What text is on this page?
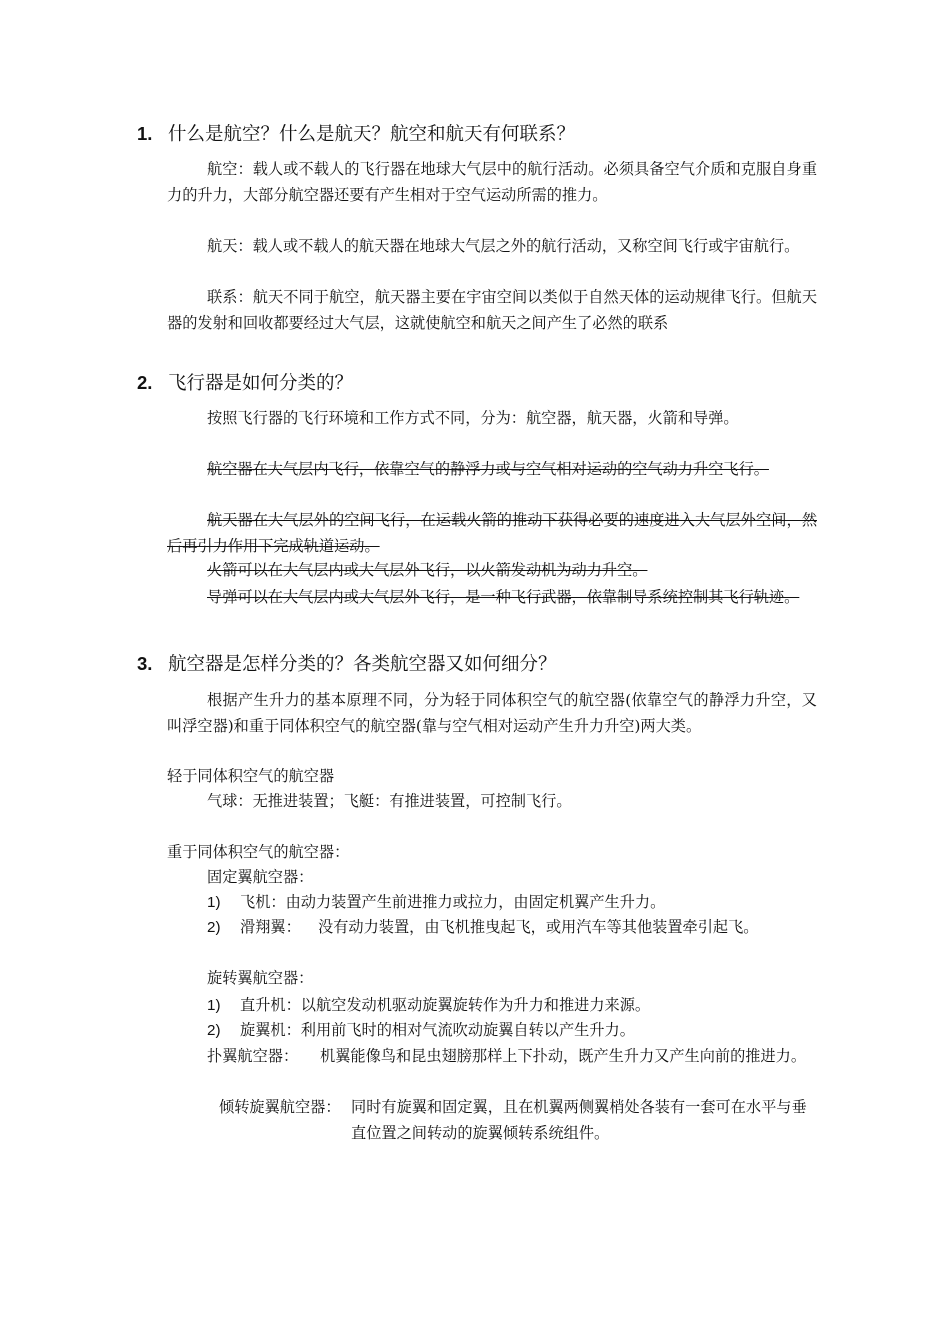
1. 什么是航空？什么是航天？航空和航天有何联系？
航空：载人或不载人的飞行器在地球大气层中的航行活动。必须具备空气介质和克服自身重力的升力，大部分航空器还要有产生相对于空气运动所需的推力。
航天：载人或不载人的航天器在地球大气层之外的航行活动，又称空间飞行或宇宙航行。
联系：航天不同于航空，航天器主要在宇宙空间以类似于自然天体的运动规律飞行。但航天器的发射和回收都要经过大气层，这就使航空和航天之间产生了必然的联系
2. 飞行器是如何分类的？
按照飞行器的飞行环境和工作方式不同，分为：航空器，航天器，火箭和导弹。
航空器在大气层内飞行，依靠空气的静浮力或与空气相对运动的空气动力升空飞行。
航天器在大气层外的空间飞行，在运载火箭的推动下获得必要的速度进入大气层外空间，然后再引力作用下完成轨道运动。
火箭可以在大气层内或大气层外飞行，以火箭发动机为动力升空。
导弹可以在大气层内或大气层外飞行，是一种飞行武器，依靠制导系统控制其飞行轨迹。
3. 航空器是怎样分类的？各类航空器又如何细分？
根据产生升力的基本原理不同，分为轻于同体积空气的航空器(依靠空气的静浮力升空，又叫浮空器)和重于同体积空气的航空器(靠与空气相对运动产生升力升空)两大类。
轻于同体积空气的航空器
气球：无推进装置；飞艇：有推进装置，可控制飞行。
重于同体积空气的航空器：
固定翼航空器：
1) 飞机：由动力装置产生前进推力或拉力，由固定机翼产生升力。
2) 滑翔翼： 没有动力装置，由飞机推曳起飞，或用汽车等其他装置牵引起飞。
旋转翼航空器：
1) 直升机：以航空发动机驱动旋翼旋转作为升力和推进力来源。
2) 旋翼机：利用前飞时的相对气流吹动旋翼自转以产生升力。
扑翼航空器： 机翼能像鸟和昆虫翅膀那样上下扑动，既产生升力又产生向前的推进力。
倾转旋翼航空器： 同时有旋翼和固定翼，且在机翼两侧翼梢处各装有一套可在水平与垂直位置之间转动的旋翼倾转系统组件。
